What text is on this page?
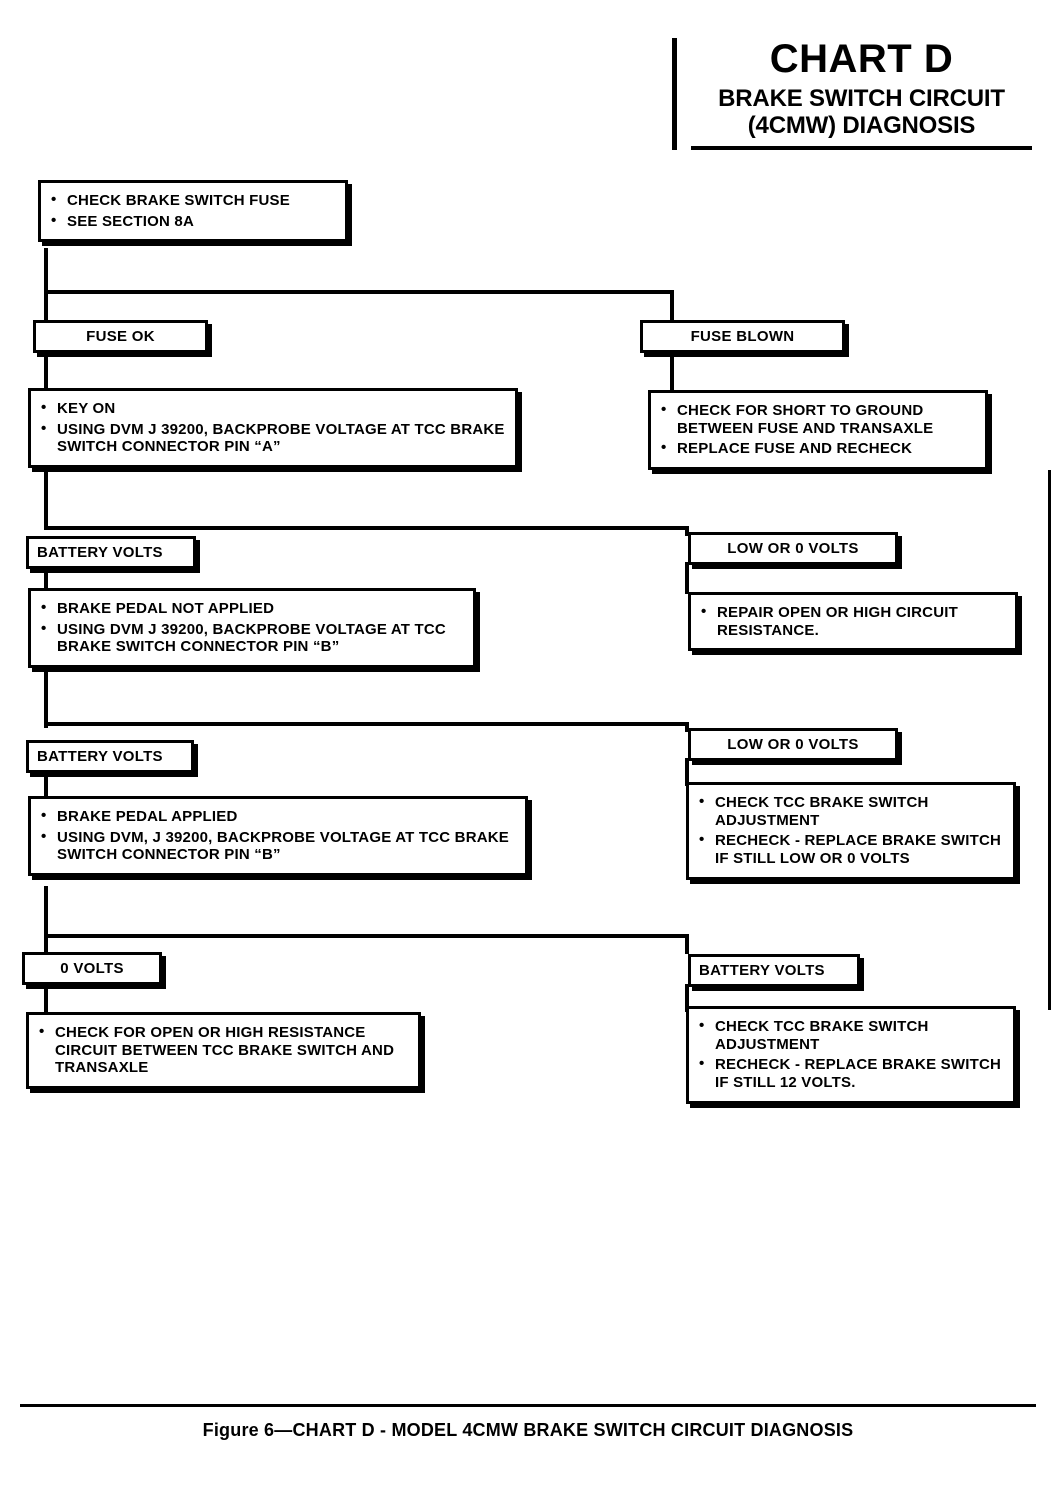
CHART D
BRAKE SWITCH CIRCUIT
(4CMW) DIAGNOSIS
• CHECK BRAKE SWITCH FUSE
• SEE SECTION 8A
FUSE OK	FUSE BLOWN
• KEY ON
• USING DVM J 39200, BACKPROBE VOLTAGE AT TCC BRAKE SWITCH CONNECTOR PIN “A”
• CHECK FOR SHORT TO GROUND BETWEEN FUSE AND TRANSAXLE
• REPLACE FUSE AND RECHECK
BATTERY VOLTS	LOW OR 0 VOLTS
• BRAKE PEDAL NOT APPLIED
• USING DVM J 39200, BACKPROBE VOLTAGE AT TCC BRAKE SWITCH CONNECTOR PIN “B”
• REPAIR OPEN OR HIGH CIRCUIT RESISTANCE.
BATTERY VOLTS
LOW OR 0 VOLTS
• BRAKE PEDAL APPLIED
• USING DVM, J 39200, BACKPROBE VOLTAGE AT TCC BRAKE SWITCH CONNECTOR PIN “B”
• CHECK TCC BRAKE SWITCH ADJUSTMENT
• RECHECK - REPLACE BRAKE SWITCH IF STILL LOW OR 0 VOLTS
0 VOLTS	BATTERY VOLTS
• CHECK FOR OPEN OR HIGH RESISTANCE CIRCUIT BETWEEN TCC BRAKE SWITCH AND TRANSAXLE
• CHECK TCC BRAKE SWITCH ADJUSTMENT
• RECHECK - REPLACE BRAKE SWITCH IF STILL 12 VOLTS.
Figure 6—CHART D - MODEL 4CMW BRAKE SWITCH CIRCUIT DIAGNOSIS
